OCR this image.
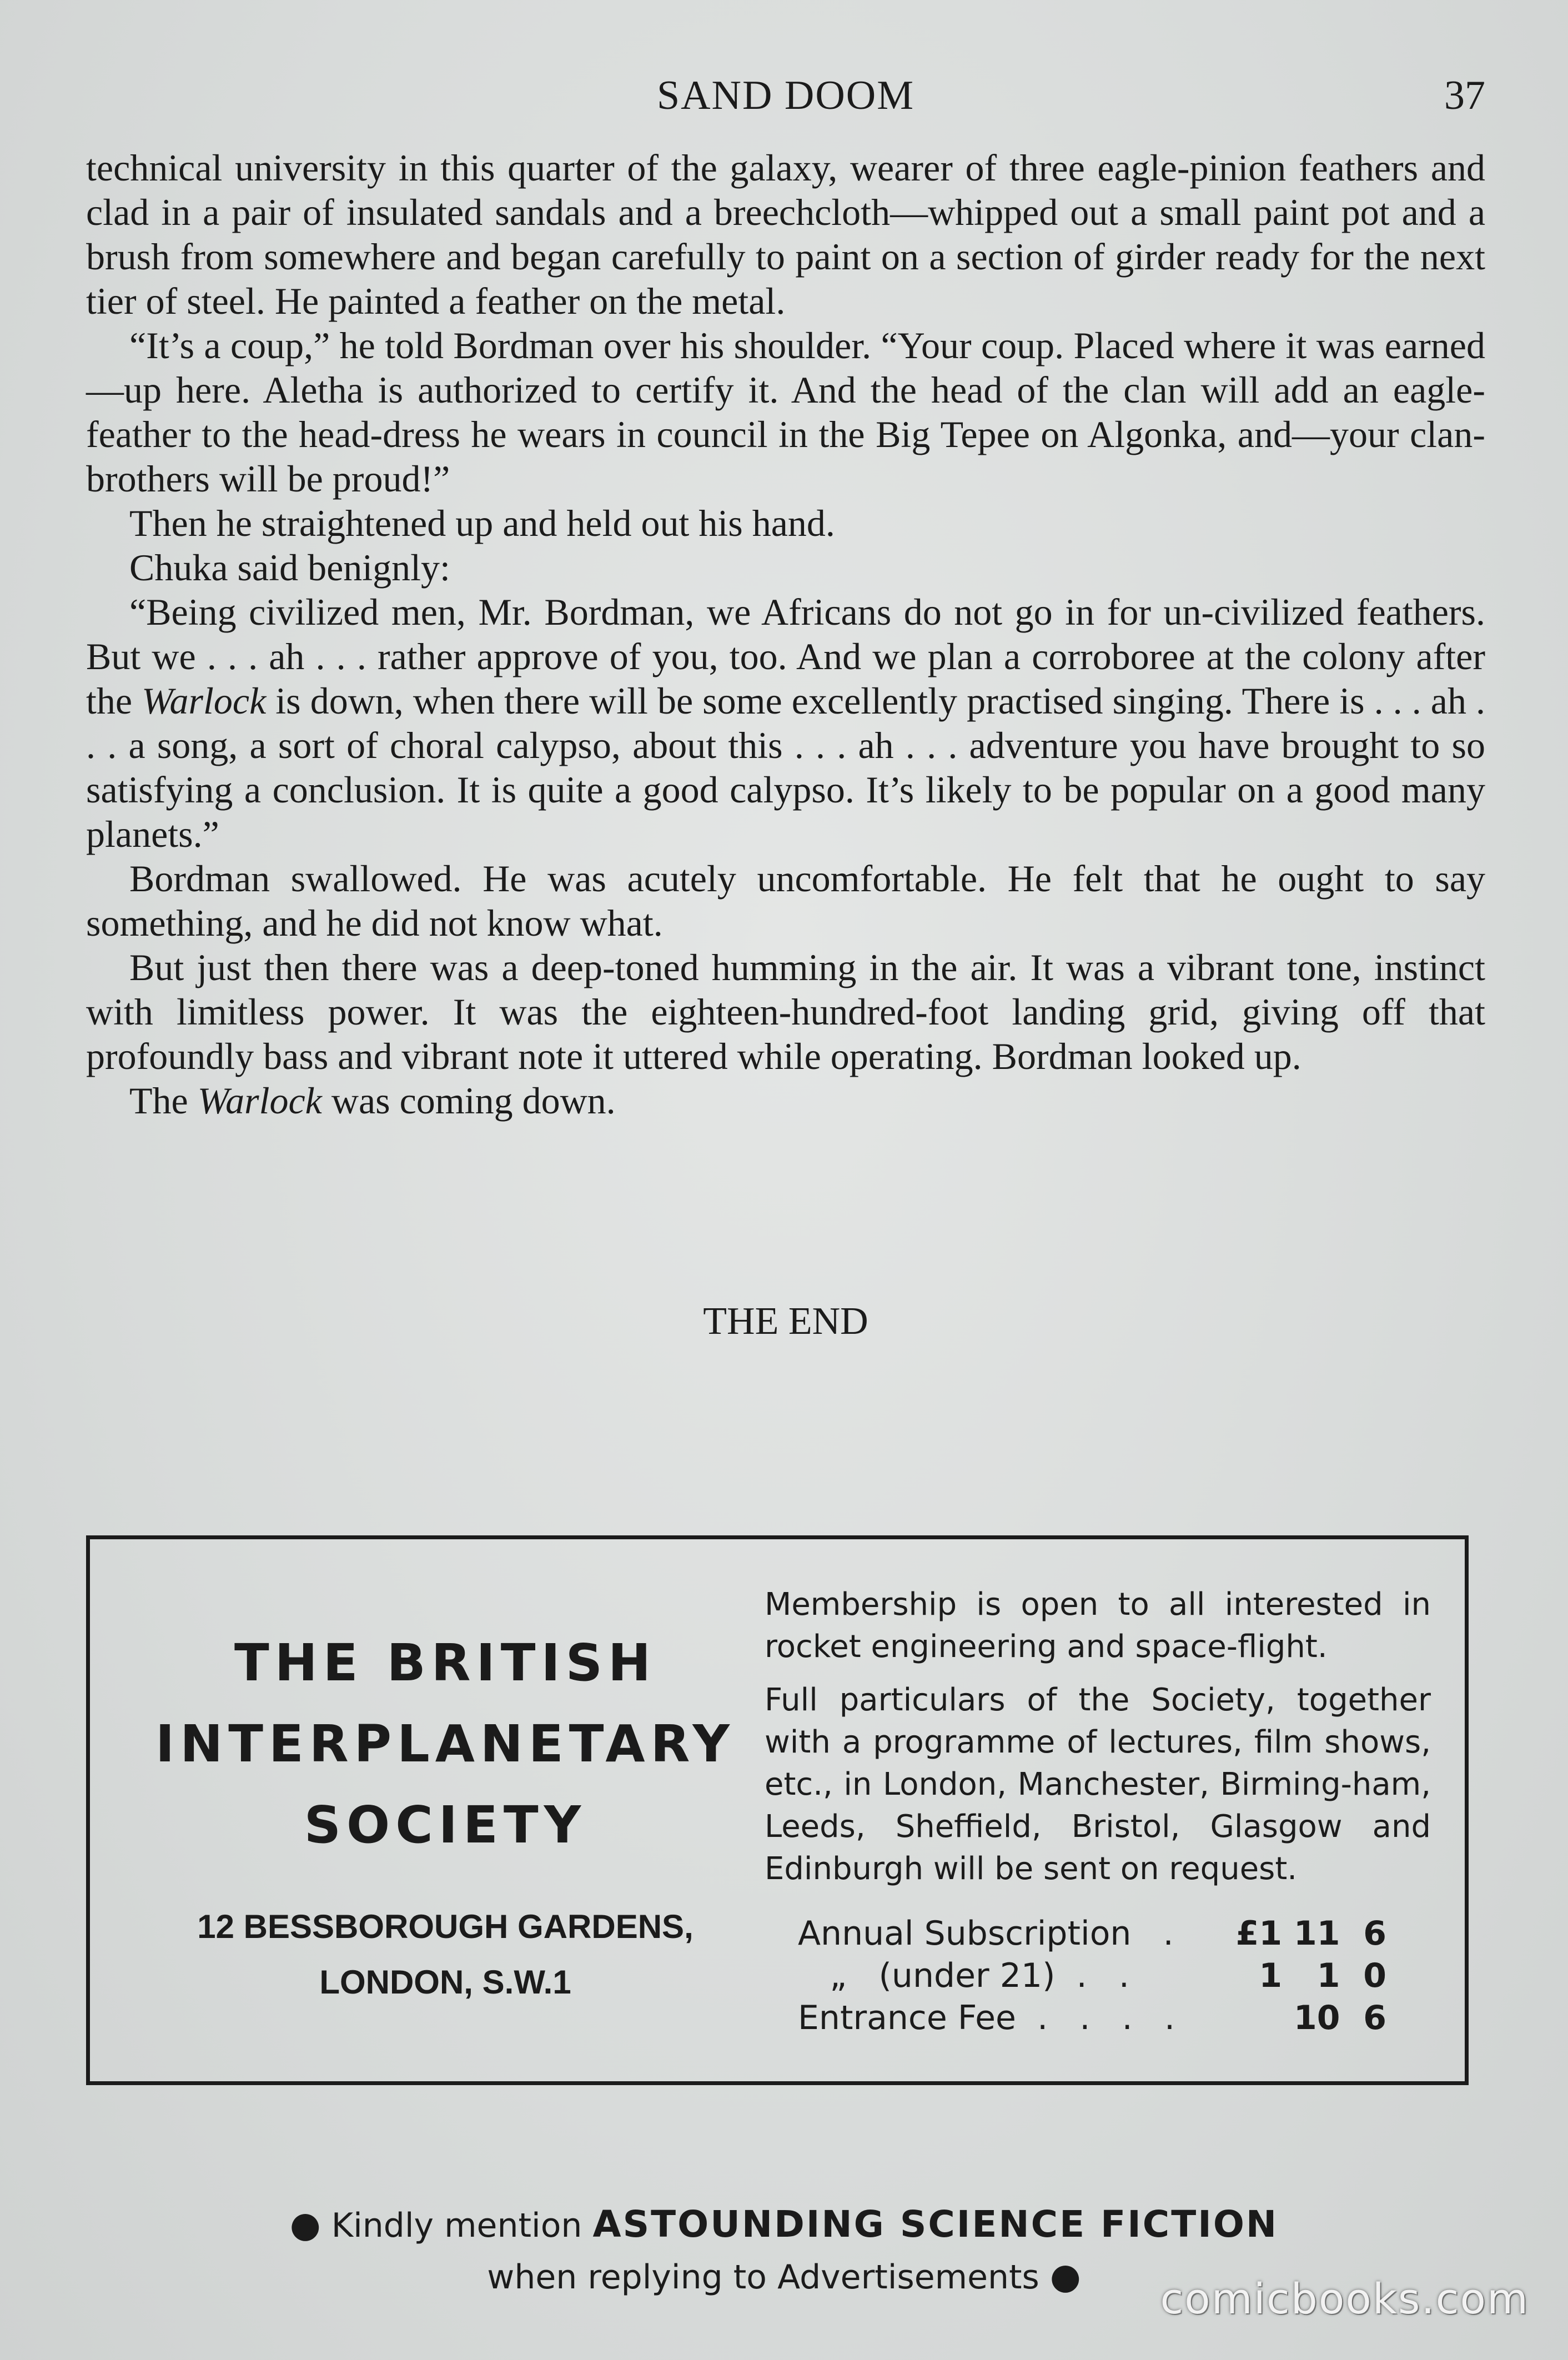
SAND DOOM	37

technical university in this quarter of the galaxy, wearer of three eagle-pinion feathers and clad in a pair of insulated sandals and a breechcloth—whipped out a small paint pot and a brush from somewhere and began carefully to paint on a section of girder ready for the next tier of steel. He painted a feather on the metal.

“It’s a coup,” he told Bordman over his shoulder. “Your coup. Placed where it was earned—up here. Aletha is authorized to certify it. And the head of the clan will add an eagle-feather to the head-dress he wears in council in the Big Tepee on Algonka, and—your clan-brothers will be proud!”

Then he straightened up and held out his hand.

Chuka said benignly:

“Being civilized men, Mr. Bordman, we Africans do not go in for un-civilized feathers. But we . . . ah . . . rather approve of you, too. And we plan a corroboree at the colony after the Warlock is down, when there will be some excellently practised singing. There is . . . ah . . . a song, a sort of choral calypso, about this . . . ah . . . adventure you have brought to so satisfying a conclusion. It is quite a good calypso. It’s likely to be popular on a good many planets.”

Bordman swallowed. He was acutely uncomfortable. He felt that he ought to say something, and he did not know what.

But just then there was a deep-toned humming in the air. It was a vibrant tone, instinct with limitless power. It was the eighteen-hundred-foot landing grid, giving off that profoundly bass and vibrant note it uttered while operating. Bordman looked up.

The Warlock was coming down.

THE END
THE BRITISH
INTERPLANETARY
SOCIETY
12 BESSBOROUGH GARDENS,
LONDON, S.W.1

Membership is open to all interested in rocket engineering and space-flight.

Full particulars of the Society, together with a programme of lectures, film shows, etc., in London, Manchester, Birming-ham, Leeds, Sheffield, Bristol, Glasgow and Edinburgh will be sent on request.

Annual Subscription   .	£1 11  6
„   (under 21)  .   .	1   1  0
Entrance Fee  .   .   .   .	10  6
● Kindly mention ASTOUNDING SCIENCE FICTION
when replying to Advertisements ●	comicbooks.com
